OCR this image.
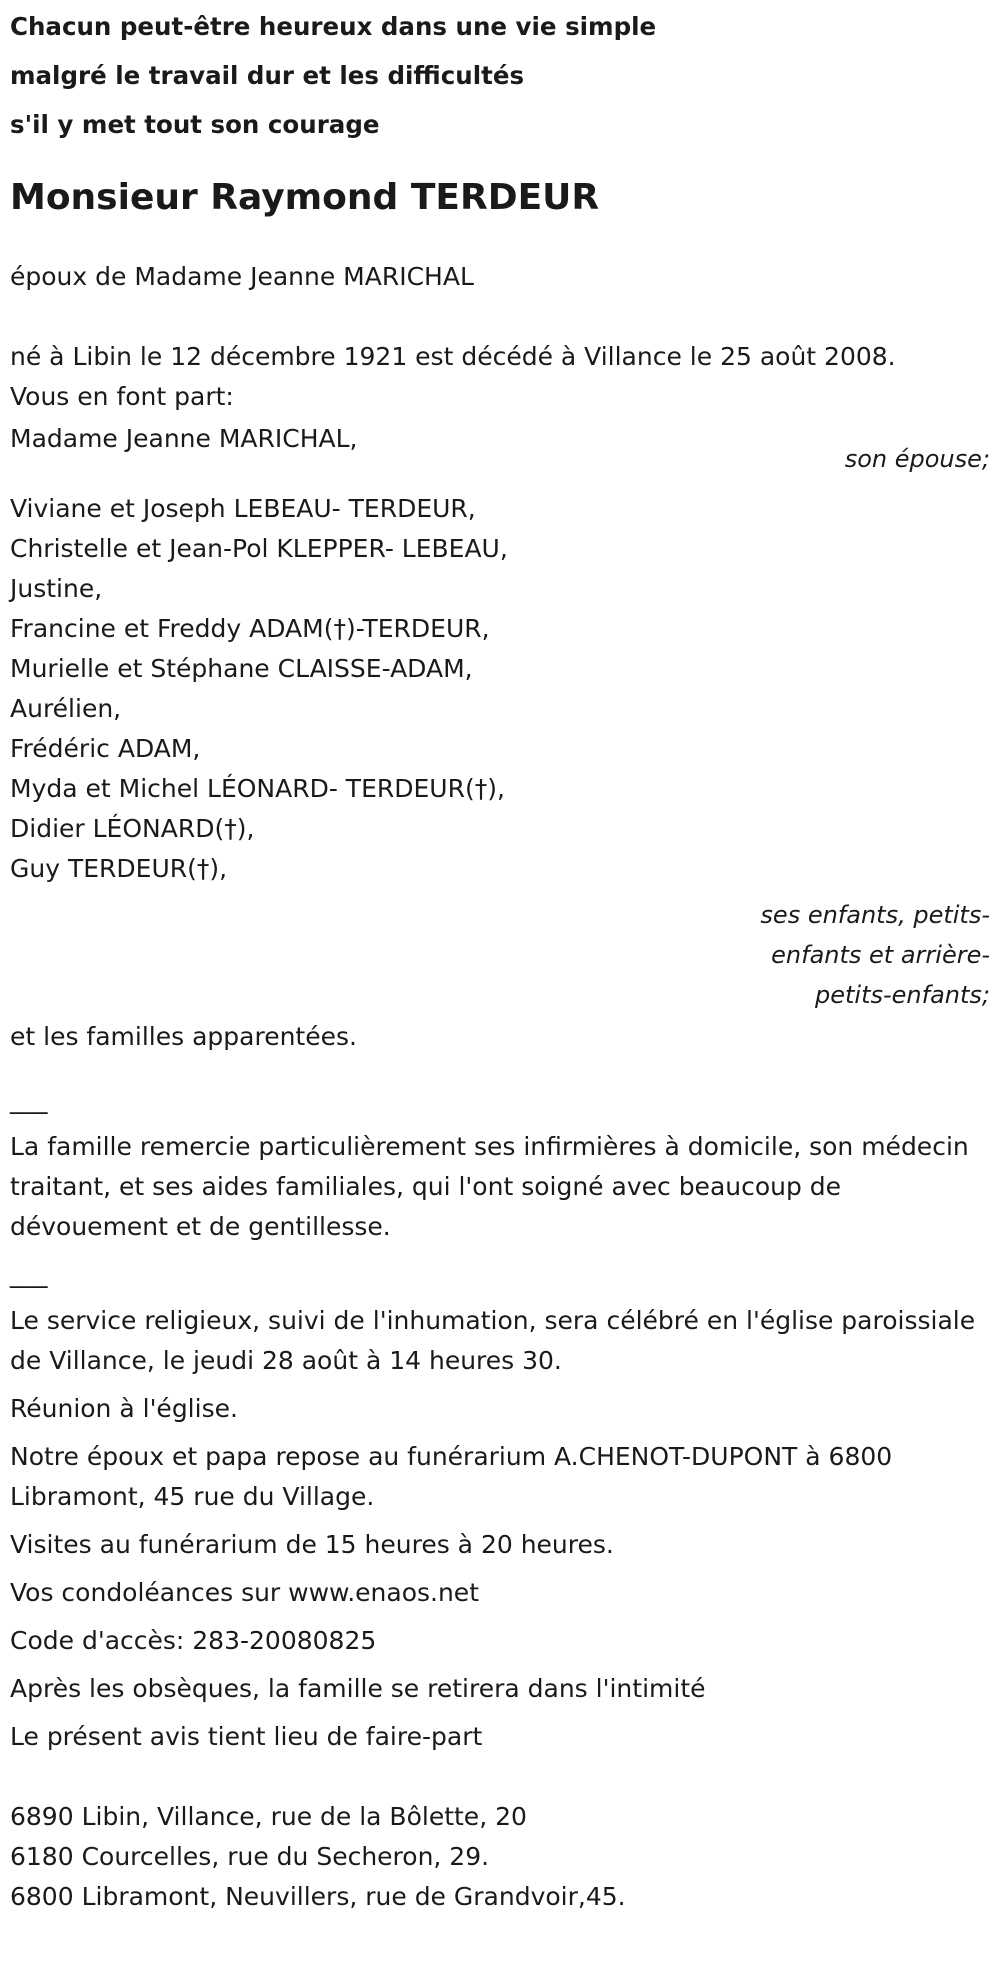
Chacun peut-être heureux dans une vie simple
malgré le travail dur et les difficultés
s'il y met tout son courage
Monsieur Raymond TERDEUR
époux de Madame Jeanne MARICHAL
né à Libin le 12 décembre 1921 est décédé à Villance le 25 août 2008.
Vous en font part:
Madame Jeanne MARICHAL,
son épouse;
Viviane et Joseph LEBEAU- TERDEUR,
Christelle et Jean-Pol KLEPPER- LEBEAU,
Justine,
Francine et Freddy ADAM(†)-TERDEUR,
Murielle et Stéphane CLAISSE-ADAM,
Aurélien,
Frédéric ADAM,
Myda et Michel LÉONARD- TERDEUR(†),
Didier LÉONARD(†),
Guy TERDEUR(†),
ses enfants, petits-enfants et arrière-petits-enfants;
et les familles apparentées.
___
La famille remercie particulièrement ses infirmières à domicile, son médecin traitant, et ses aides familiales, qui l'ont soigné avec beaucoup de dévouement et de gentillesse.
___
Le service religieux, suivi de l'inhumation, sera célébré en l'église paroissiale de Villance, le jeudi 28 août à 14 heures 30.
Réunion à l'église.
Notre époux et papa repose au funérarium A.CHENOT-DUPONT à 6800 Libramont, 45 rue du Village.
Visites au funérarium de 15 heures à 20 heures.
Vos condoléances sur www.enaos.net
Code d'accès: 283-20080825
Après les obsèques, la famille se retirera dans l'intimité
Le présent avis tient lieu de faire-part
6890 Libin, Villance, rue de la Bôlette, 20
6180 Courcelles, rue du Secheron, 29.
6800 Libramont, Neuvillers, rue de Grandvoir,45.
